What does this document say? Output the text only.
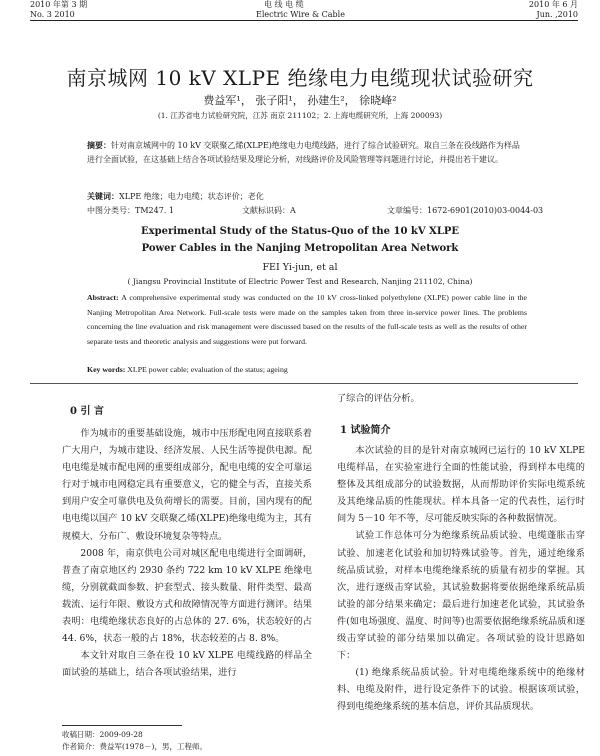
2010 年第 3 期
No. 3 2010
电 线 电 缆
Electric Wire & Cable
2010 年 6 月
Jun. ,2010
南京城网 10 kV XLPE 绝缘电力电缆现状试验研究
费益军¹， 张子阳¹， 孙建生²， 徐晓峰²
(1. 江苏省电力试验研究院，江苏 南京 211102；2. 上海电缆研究所，上海 200093)
摘要：针对南京城网中的 10 kV 交联聚乙烯(XLPE)绝缘电力电缆线路，进行了综合试验研究。取自三条在役线路作为样品进行全面试验，在这基础上结合各项试验结果及理论分析，对线路评价及风险管理等问题进行讨论，并提出若干建议。
关键词：XLPE 绝缘；电力电缆；状态评价；老化
中图分类号：TM247. 1	文献标识码：A	文章编号：1672-6901(2010)03-0044-03
Experimental Study of the Status-Quo of the 10 kV XLPE
Power Cables in the Nanjing Metropolitan Area Network
FEI Yi-jun, et al
( Jiangsu Provincial Institute of Electric Power Test and Research, Nanjing 211102, China)
Abstract: A comprehensive experimental study was conducted on the 10 kV cross-linked polyethylene (XLPE) power cable line in the Nanjing Metropolitan Area Network. Full-scale tests were made on the samples taken from three in-service power lines. The problems concerning the line evaluation and risk management were discussed based on the results of the full-scale tests as well as the results of other separate tests and theoretic analysis and suggestions were put forward.
Key words: XLPE power cable; evaluation of the status; ageing
0 引 言

作为城市的重要基础设施，城市中压形配电网直接联系着广大用户，为城市建设、经济发展、人民生活等提供电源。配电电缆是城市配电网的重要组成部分，配电电缆的安全可靠运行对于城市电网稳定具有重要意义，它的健全与否，直接关系到用户安全可靠供电及负荷增长的需要。目前，国内现有的配电电缆以国产 10 kV 交联聚乙烯(XLPE)绝缘电缆为主，其有规模大、分布广、敷设环境复杂等特点。

2008 年，南京供电公司对城区配电电缆进行全面调研，普查了南京地区约 2930 条约 722 km 10 kV XLPE 绝缘电缆，分别就截面参数、护套型式、接头数量、附件类型、最高载流、运行年限、敷设方式和故障情况等方面进行测评。结果表明：电缆绝缘状态良好的占总体的 27. 6%，状态较好的占44. 6%，状态一般的占 18%，状态较差的占 8. 8%。

本文针对取自三条在役 10 kV XLPE 电缆线路的样品全面试验的基础上，结合各项试验结果，进行

收稿日期：2009-09-28
作者简介：费益军(1978－)，男，工程师。
了综合的评估分析。
1 试验简介

本次试验的目的是针对南京城网已运行的 10 kV XLPE 电缆样品，在实验室进行全面的性能试验，得到样本电缆的整体及其组成部分的试验数据，从而帮助评价实际电缆系统及其绝缘品质的性能现状。样本具备一定的代表性，运行时间为 5－10 年不等，尽可能反映实际的各种数据情况。

试验工作总体可分为绝缘系统品质试验、电缆蓬胀击穿试验、加速老化试验和加切特殊试验等。首先，通过绝缘系统品质试验，对样本电缆绝缘系统的质量有初步的掌握。其次，进行逐级击穿试验，其试验数据将要依据绝缘系统品质试验的部分结果来确定；最后进行加速老化试验，其试验条件(如电场强度、温度、时间等)也需要依据绝缘系统品质和逐级击穿试验的部分结果加以确定。各项试验的设计思路如下：

(1) 绝缘系统品质试验。针对电缆绝缘系统中的绝缘材料、电缆及附件，进行设定条件下的试验。根据该项试验，得到电缆绝缘系统的基本信息，评价其品质现状。
